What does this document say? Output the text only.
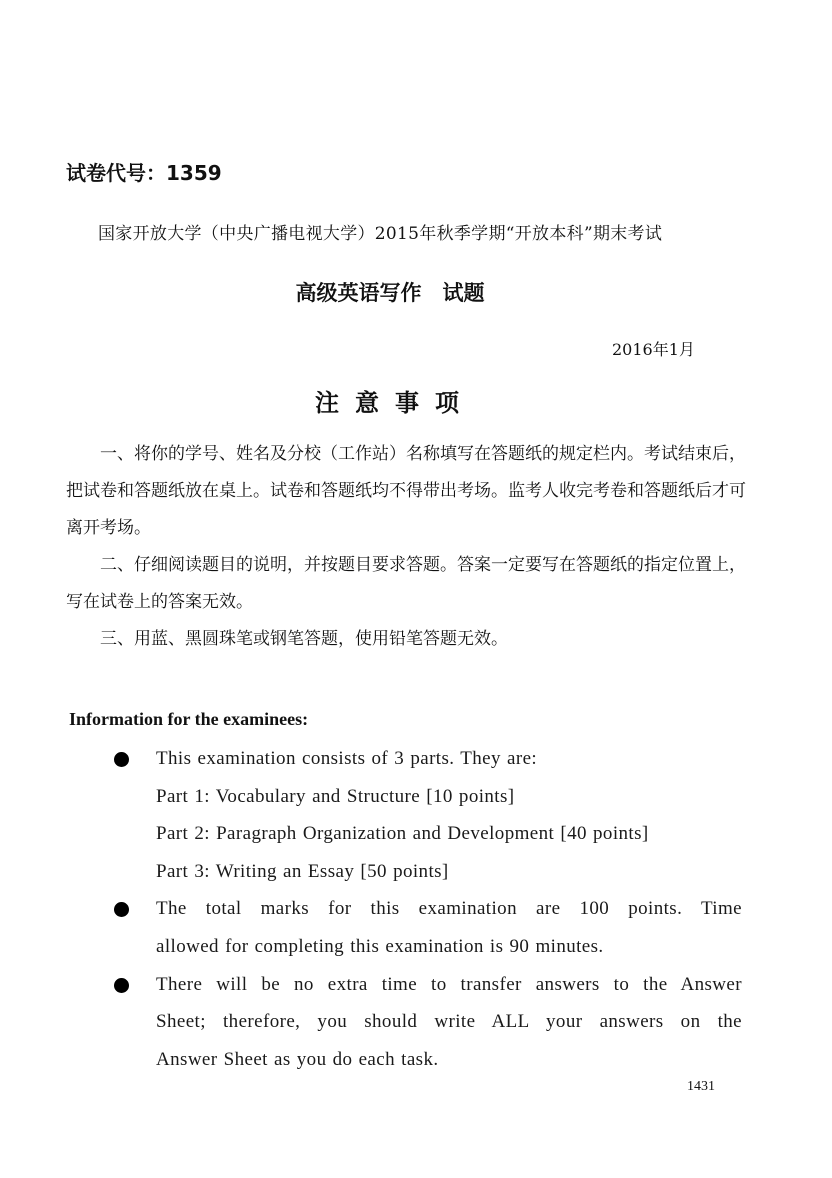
试卷代号：1359
国家开放大学（中央广播电视大学）2015年秋季学期“开放本科”期末考试
高级英语写作　试题
2016年1月
注意事项

一、将你的学号、姓名及分校（工作站）名称填写在答题纸的规定栏内。考试结束后，把试卷和答题纸放在桌上。试卷和答题纸均不得带出考场。监考人收完考卷和答题纸后才可离开考场。

二、仔细阅读题目的说明，并按题目要求答题。答案一定要写在答题纸的指定位置上，写在试卷上的答案无效。

三、用蓝、黑圆珠笔或钢笔答题，使用铅笔答题无效。

Information for the examinees:
This examination consists of 3 parts. They are:
Part 1: Vocabulary and Structure [10 points]
Part 2: Paragraph Organization and Development [40 points]
Part 3: Writing an Essay [50 points]
The total marks for this examination are 100 points. Time
allowed for completing this examination is 90 minutes.
There will be no extra time to transfer answers to the Answer
Sheet; therefore, you should write ALL your answers on the
Answer Sheet as you do each task.
1431
